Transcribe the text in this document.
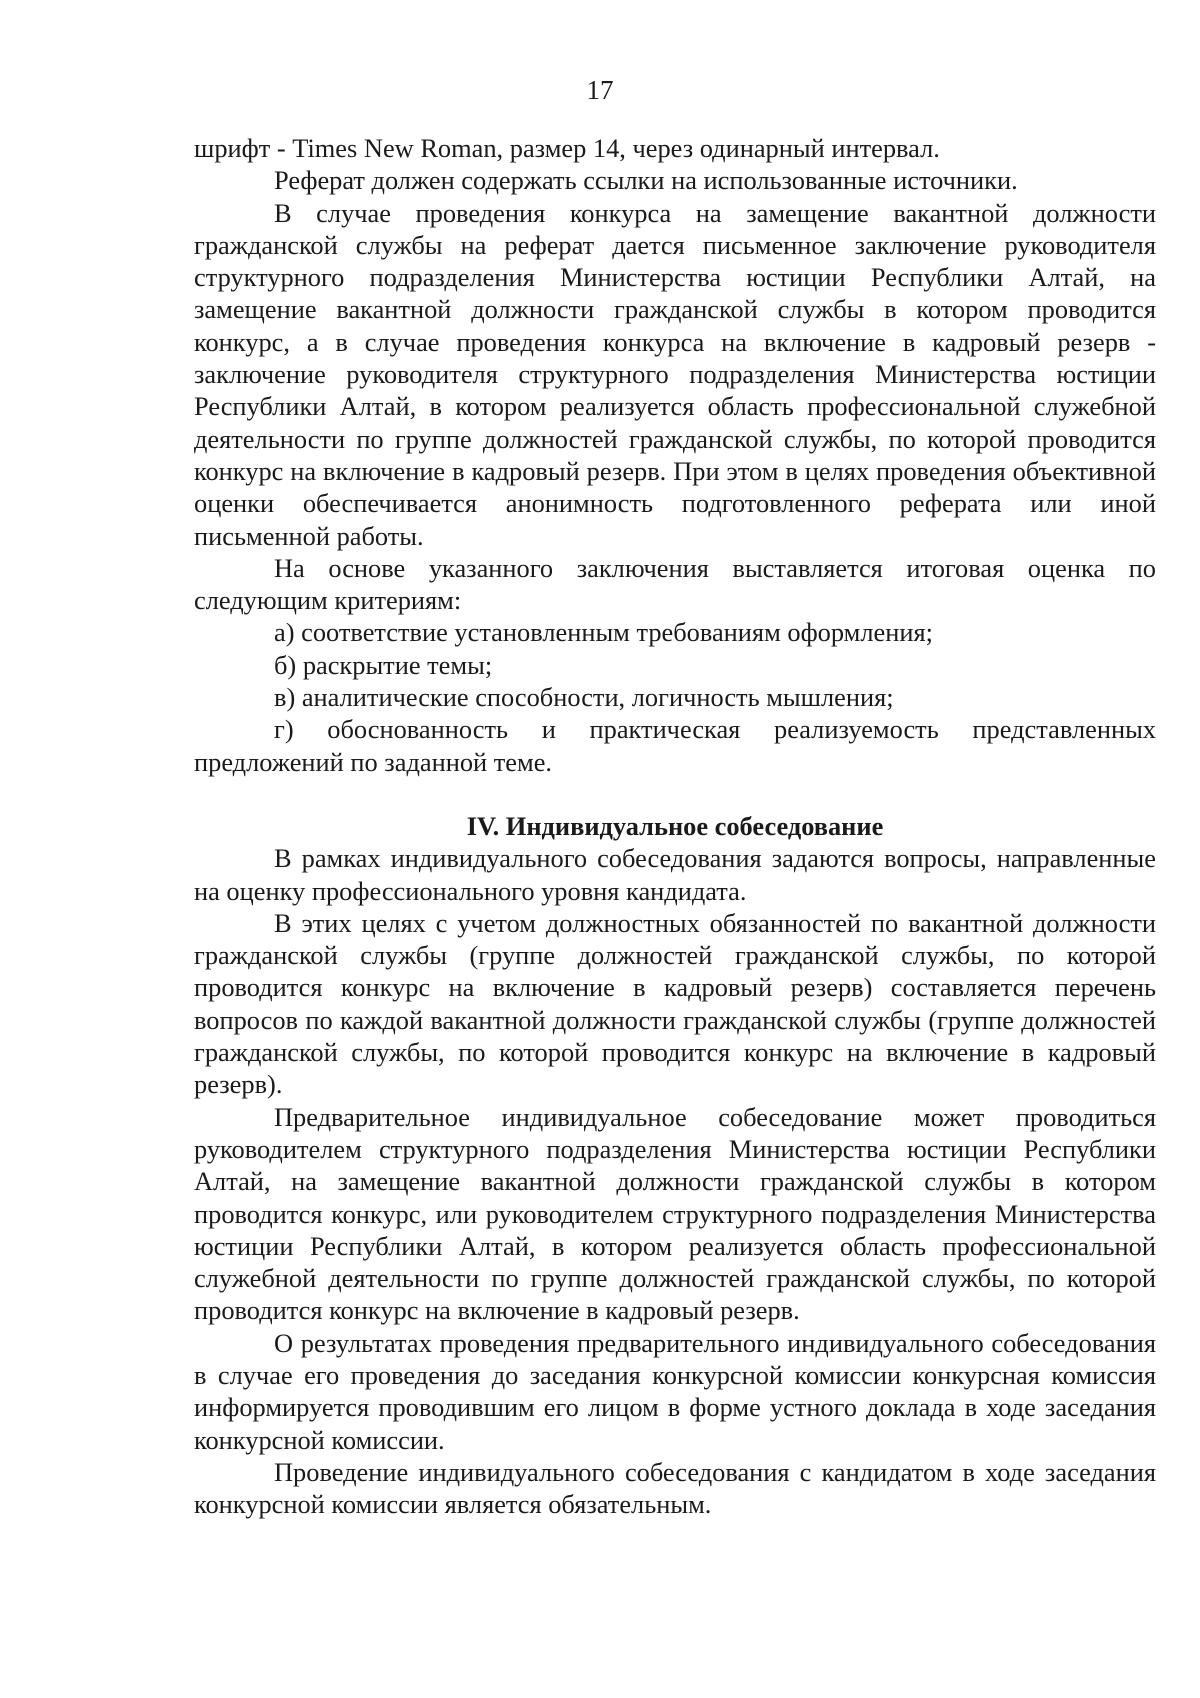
17

шрифт - Times New Roman, размер 14, через одинарный интервал.

Реферат должен содержать ссылки на использованные источники.

В случае проведения конкурса на замещение вакантной должности гражданской службы на реферат дается письменное заключение руководителя структурного подразделения Министерства юстиции Республики Алтай, на замещение вакантной должности гражданской службы в котором проводится конкурс, а в случае проведения конкурса на включение в кадровый резерв - заключение руководителя структурного подразделения Министерства юстиции Республики Алтай, в котором реализуется область профессиональной служебной деятельности по группе должностей гражданской службы, по которой проводится конкурс на включение в кадровый резерв. При этом в целях проведения объективной оценки обеспечивается анонимность подготовленного реферата или иной письменной работы.

На основе указанного заключения выставляется итоговая оценка по следующим критериям:

а) соответствие установленным требованиям оформления;

б) раскрытие темы;

в) аналитические способности, логичность мышления;

г) обоснованность и практическая реализуемость представленных предложений по заданной теме.

IV. Индивидуальное собеседование

В рамках индивидуального собеседования задаются вопросы, направленные на оценку профессионального уровня кандидата.

В этих целях с учетом должностных обязанностей по вакантной должности гражданской службы (группе должностей гражданской службы, по которой проводится конкурс на включение в кадровый резерв) составляется перечень вопросов по каждой вакантной должности гражданской службы (группе должностей гражданской службы, по которой проводится конкурс на включение в кадровый резерв).

Предварительное индивидуальное собеседование может проводиться руководителем структурного подразделения Министерства юстиции Республики Алтай, на замещение вакантной должности гражданской службы в котором проводится конкурс, или руководителем структурного подразделения Министерства юстиции Республики Алтай, в котором реализуется область профессиональной служебной деятельности по группе должностей гражданской службы, по которой проводится конкурс на включение в кадровый резерв.

О результатах проведения предварительного индивидуального собеседования в случае его проведения до заседания конкурсной комиссии конкурсная комиссия информируется проводившим его лицом в форме устного доклада в ходе заседания конкурсной комиссии.

Проведение индивидуального собеседования с кандидатом в ходе заседания конкурсной комиссии является обязательным.
